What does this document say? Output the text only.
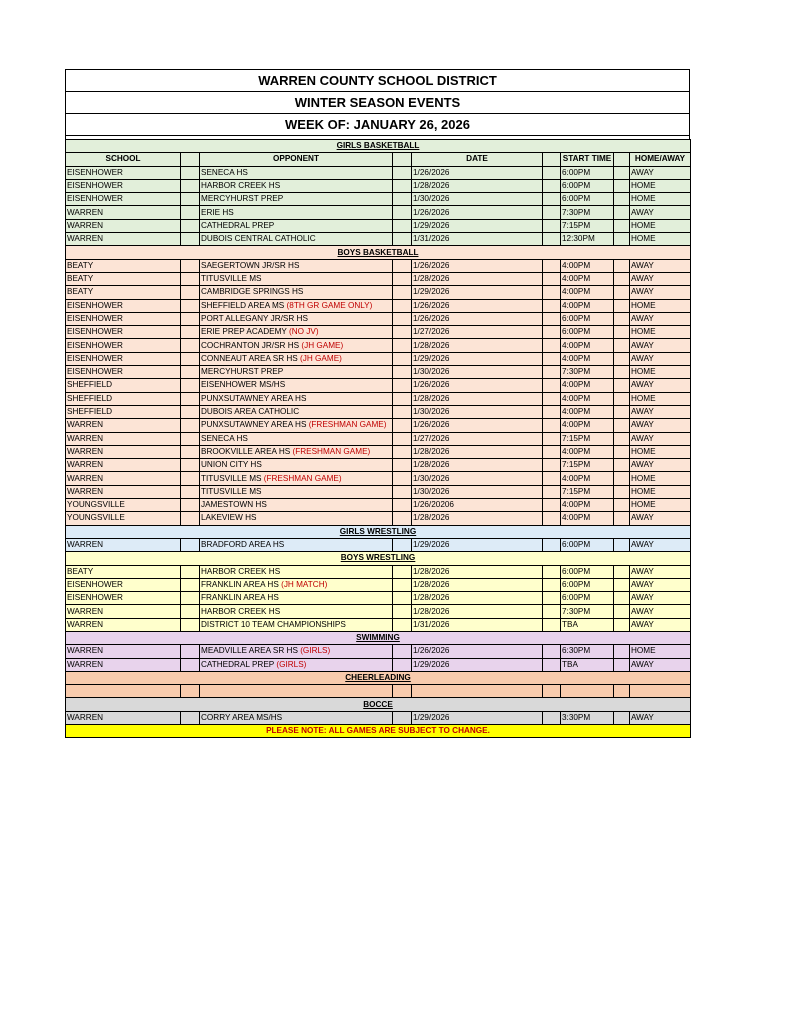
WARREN COUNTY SCHOOL DISTRICT
WINTER SEASON EVENTS
WEEK OF: JANUARY 26, 2026
GIRLS BASKETBALL								
SCHOOL		OPPONENT		DATE		START TIME		HOME/AWAY
EISENHOWER		SENECA HS		1/26/2026		6:00PM		AWAY
EISENHOWER		HARBOR CREEK HS		1/28/2026		6:00PM		HOME
EISENHOWER		MERCYHURST PREP		1/30/2026		6:00PM		HOME
WARREN		ERIE HS		1/26/2026		7:30PM		AWAY
WARREN		CATHEDRAL PREP		1/29/2026		7:15PM		HOME
WARREN		DUBOIS CENTRAL CATHOLIC		1/31/2026		12:30PM		HOME
BOYS BASKETBALL								
BEATY		SAEGERTOWN JR/SR HS		1/26/2026		4:00PM		AWAY
BEATY		TITUSVILLE MS		1/28/2026		4:00PM		AWAY
BEATY		CAMBRIDGE SPRINGS HS		1/29/2026		4:00PM		AWAY
EISENHOWER		SHEFFIELD AREA MS (8TH GR GAME ONLY)		1/26/2026		4:00PM		HOME
EISENHOWER		PORT ALLEGANY JR/SR HS		1/26/2026		6:00PM		AWAY
EISENHOWER		ERIE PREP ACADEMY (NO JV)		1/27/2026		6:00PM		HOME
EISENHOWER		COCHRANTON JR/SR HS (JH GAME)		1/28/2026		4:00PM		AWAY
EISENHOWER		CONNEAUT AREA SR HS (JH GAME)		1/29/2026		4:00PM		AWAY
EISENHOWER		MERCYHURST PREP		1/30/2026		7:30PM		HOME
SHEFFIELD		EISENHOWER MS/HS		1/26/2026		4:00PM		AWAY
SHEFFIELD		PUNXSUTAWNEY AREA HS		1/28/2026		4:00PM		HOME
SHEFFIELD		DUBOIS AREA CATHOLIC		1/30/2026		4:00PM		AWAY
WARREN		PUNXSUTAWNEY AREA HS (FRESHMAN GAME)		1/26/2026		4:00PM		AWAY
WARREN		SENECA HS		1/27/2026		7:15PM		AWAY
WARREN		BROOKVILLE AREA HS (FRESHMAN GAME)		1/28/2026		4:00PM		HOME
WARREN		UNION CITY HS		1/28/2026		7:15PM		AWAY
WARREN		TITUSVILLE MS (FRESHMAN GAME)		1/30/2026		4:00PM		HOME
WARREN		TITUSVILLE MS		1/30/2026		7:15PM		HOME
YOUNGSVILLE		JAMESTOWN HS		1/26/20206		4:00PM		HOME
YOUNGSVILLE		LAKEVIEW HS		1/28/2026		4:00PM		AWAY
GIRLS WRESTLING								
WARREN		BRADFORD AREA HS		1/29/2026		6:00PM		AWAY
BOYS WRESTLING								
BEATY		HARBOR CREEK HS		1/28/2026		6:00PM		AWAY
EISENHOWER		FRANKLIN AREA HS (JH MATCH)		1/28/2026		6:00PM		AWAY
EISENHOWER		FRANKLIN AREA HS		1/28/2026		6:00PM		AWAY
WARREN		HARBOR CREEK HS		1/28/2026		7:30PM		AWAY
WARREN		DISTRICT 10 TEAM CHAMPIONSHIPS		1/31/2026		TBA		AWAY
SWIMMING								
WARREN		MEADVILLE AREA SR HS (GIRLS)		1/26/2026		6:30PM		HOME
WARREN		CATHEDRAL PREP (GIRLS)		1/29/2026		TBA		AWAY
CHEERLEADING								

BOCCE								
WARREN		CORRY AREA MS/HS		1/29/2026		3:30PM		AWAY
PLEASE NOTE: ALL GAMES ARE SUBJECT TO CHANGE.								
